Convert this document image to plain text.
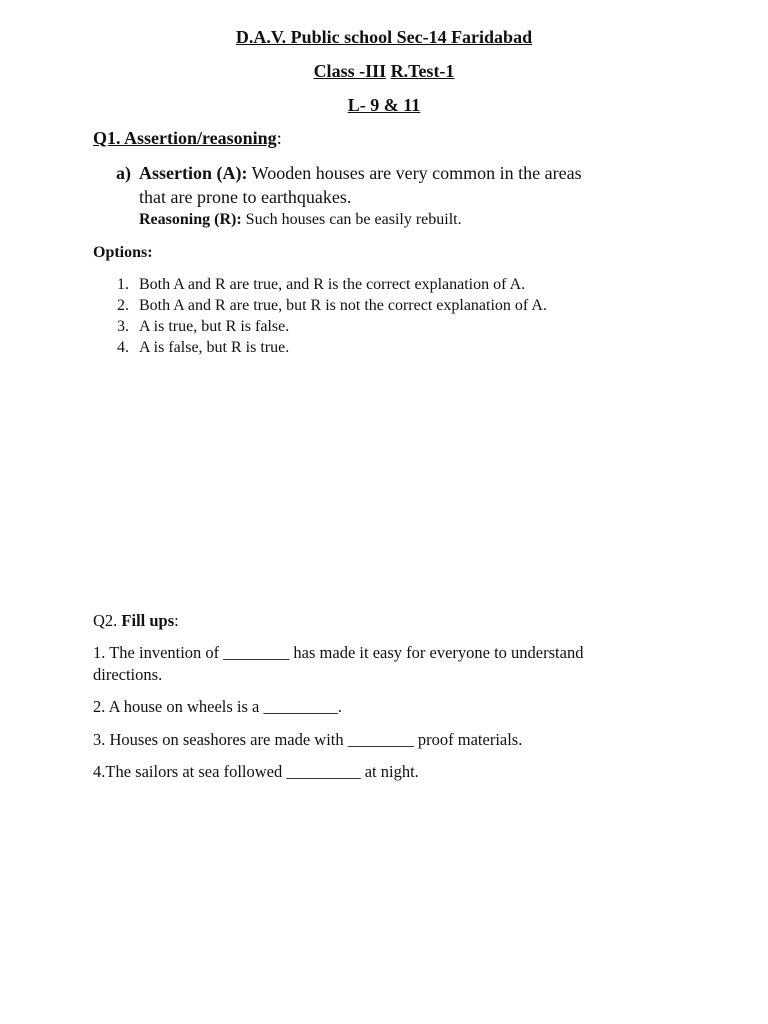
D.A.V. Public school Sec-14 Faridabad
Class -III R.Test-1
L- 9 & 11
Q1. Assertion/reasoning:
a) Assertion (A): Wooden houses are very common in the areas
that are prone to earthquakes.
Reasoning (R): Such houses can be easily rebuilt.
Options:
1. Both A and R are true, and R is the correct explanation of A.
2. Both A and R are true, but R is not the correct explanation of A.
3. A is true, but R is false.
4. A is false, but R is true.
Q2. Fill ups:
1. The invention of ________ has made it easy for everyone to understand
directions.
2. A house on wheels is a _________.
3. Houses on seashores are made with ________ proof materials.
4.The sailors at sea followed _________ at night.
